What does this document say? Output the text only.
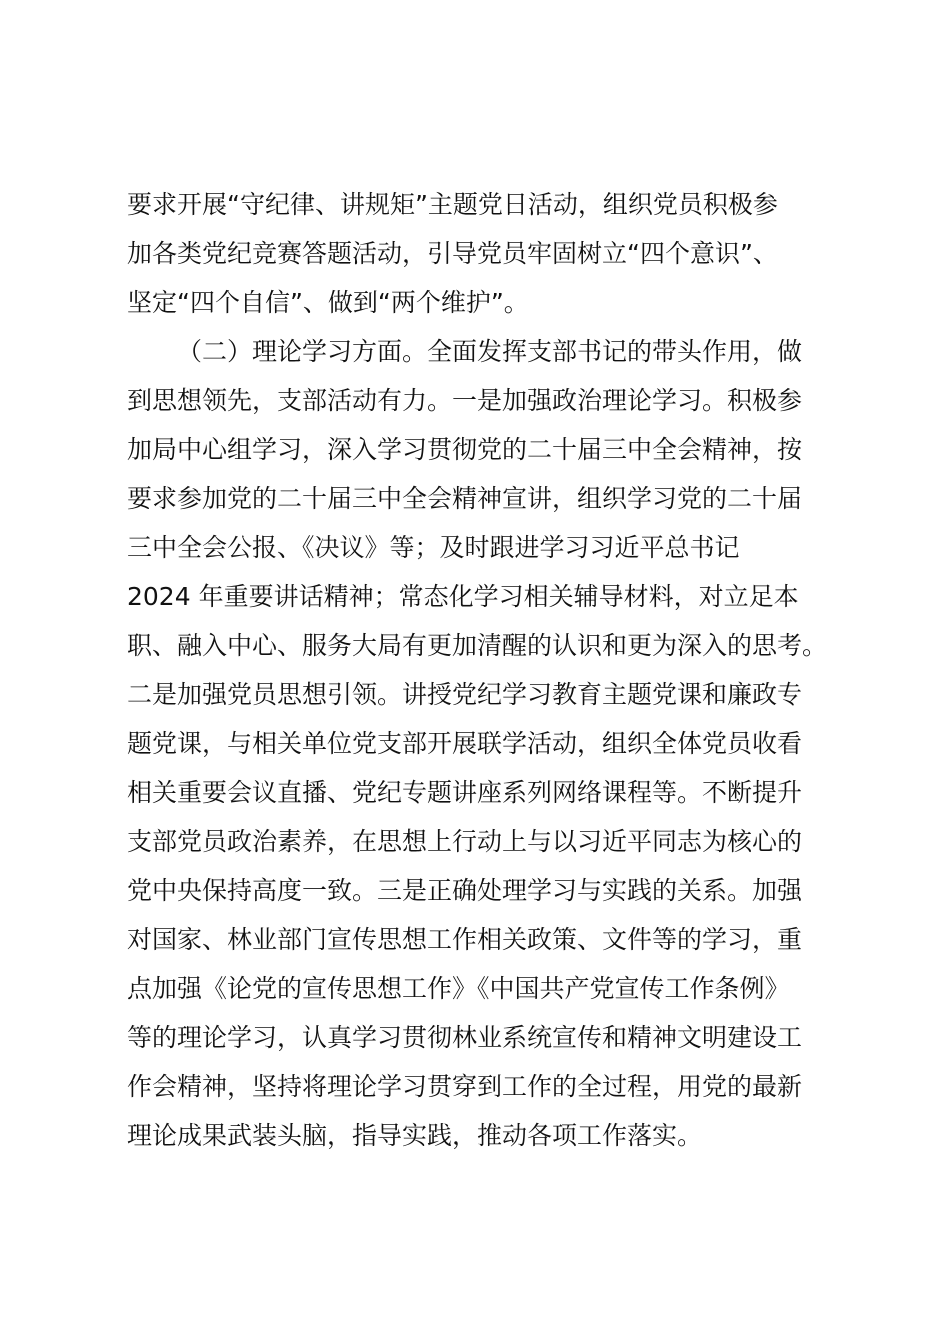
要求开展“守纪律、讲规矩”主题党日活动，组织党员积极参
加各类党纪竞赛答题活动，引导党员牢固树立“四个意识”、
坚定“四个自信”、做到“两个维护”。
（二）理论学习方面。全面发挥支部书记的带头作用，做
到思想领先，支部活动有力。一是加强政治理论学习。积极参
加局中心组学习，深入学习贯彻党的二十届三中全会精神，按
要求参加党的二十届三中全会精神宣讲，组织学习党的二十届
三中全会公报、《决议》等；及时跟进学习习近平总书记
2024 年重要讲话精神；常态化学习相关辅导材料，对立足本
职、融入中心、服务大局有更加清醒的认识和更为深入的思考。
二是加强党员思想引领。讲授党纪学习教育主题党课和廉政专
题党课，与相关单位党支部开展联学活动，组织全体党员收看
相关重要会议直播、党纪专题讲座系列网络课程等。不断提升
支部党员政治素养，在思想上行动上与以习近平同志为核心的
党中央保持高度一致。三是正确处理学习与实践的关系。加强
对国家、林业部门宣传思想工作相关政策、文件等的学习，重
点加强《论党的宣传思想工作》《中国共产党宣传工作条例》
等的理论学习，认真学习贯彻林业系统宣传和精神文明建设工
作会精神，坚持将理论学习贯穿到工作的全过程，用党的最新
理论成果武装头脑，指导实践，推动各项工作落实。
